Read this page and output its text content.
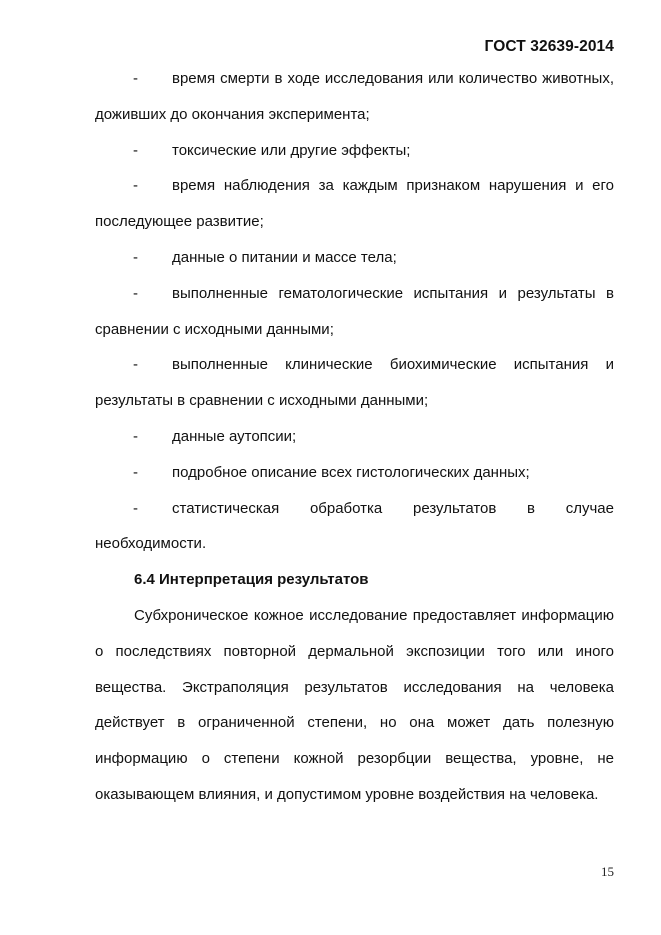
ГОСТ 32639-2014
- время смерти в ходе исследования или количество животных, доживших до окончания эксперимента;
- токсические или другие эффекты;
- время наблюдения за каждым признаком нарушения и его последующее развитие;
- данные о питании и массе тела;
- выполненные гематологические испытания и результаты в сравнении с исходными данными;
- выполненные клинические биохимические испытания и результаты в сравнении с исходными данными;
- данные аутопсии;
- подробное описание всех гистологических данных;
- статистическая обработка результатов в случае необходимости.
6.4 Интерпретация результатов
Субхроническое кожное исследование предоставляет информацию о последствиях повторной дермальной экспозиции того или иного вещества. Экстраполяция результатов исследования на человека действует в ограниченной степени, но она может дать полезную информацию о степени кожной резорбции вещества, уровне, не оказывающем влияния, и допустимом уровне воздействия на человека.
15
